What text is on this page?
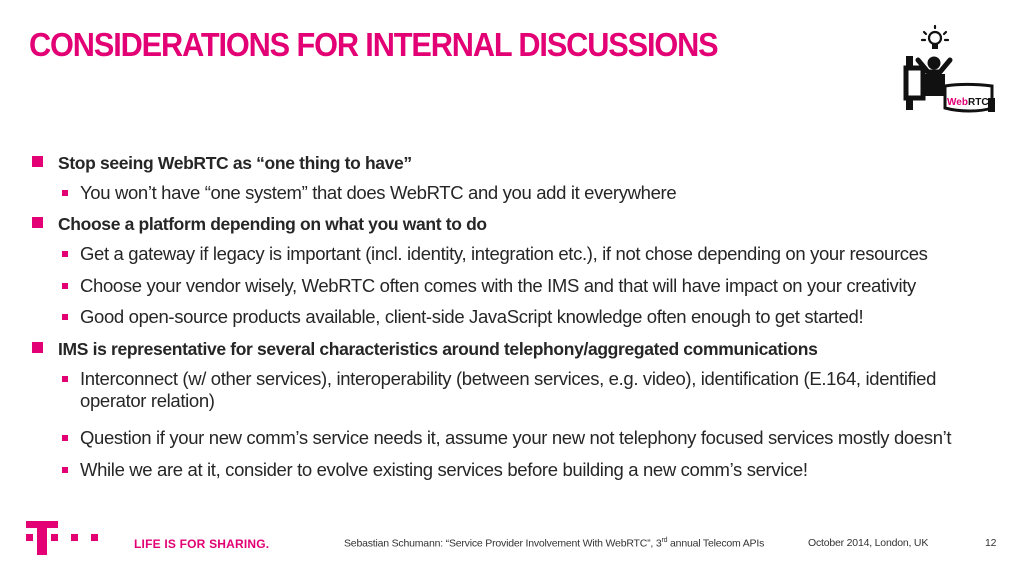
CONSIDERATIONS FOR INTERNAL DISCUSSIONS
Web RTC
Stop seeing WebRTC as “one thing to have”
You won’t have “one system” that does WebRTC and you add it everywhere
Choose a platform depending on what you want to do
Get a gateway if legacy is important (incl. identity, integration etc.), if not chose depending on your resources
Choose your vendor wisely, WebRTC often comes with the IMS and that will have impact on your creativity
Good open-source products available, client-side JavaScript knowledge often enough to get started!
IMS is representative for several characteristics around telephony/aggregated communications
Interconnect (w/ other services), interoperability (between services, e.g. video), identification (E.164, identified operator relation)
Question if your new comm’s service needs it, assume your new not telephony focused services mostly doesn’t
While we are at it, consider to evolve existing services before building a new comm’s service!
LIFE IS FOR SHARING.	Sebastian Schumann: “Service Provider Involvement With WebRTC”, 3rd annual Telecom APIs	October 2014, London, UK	12
